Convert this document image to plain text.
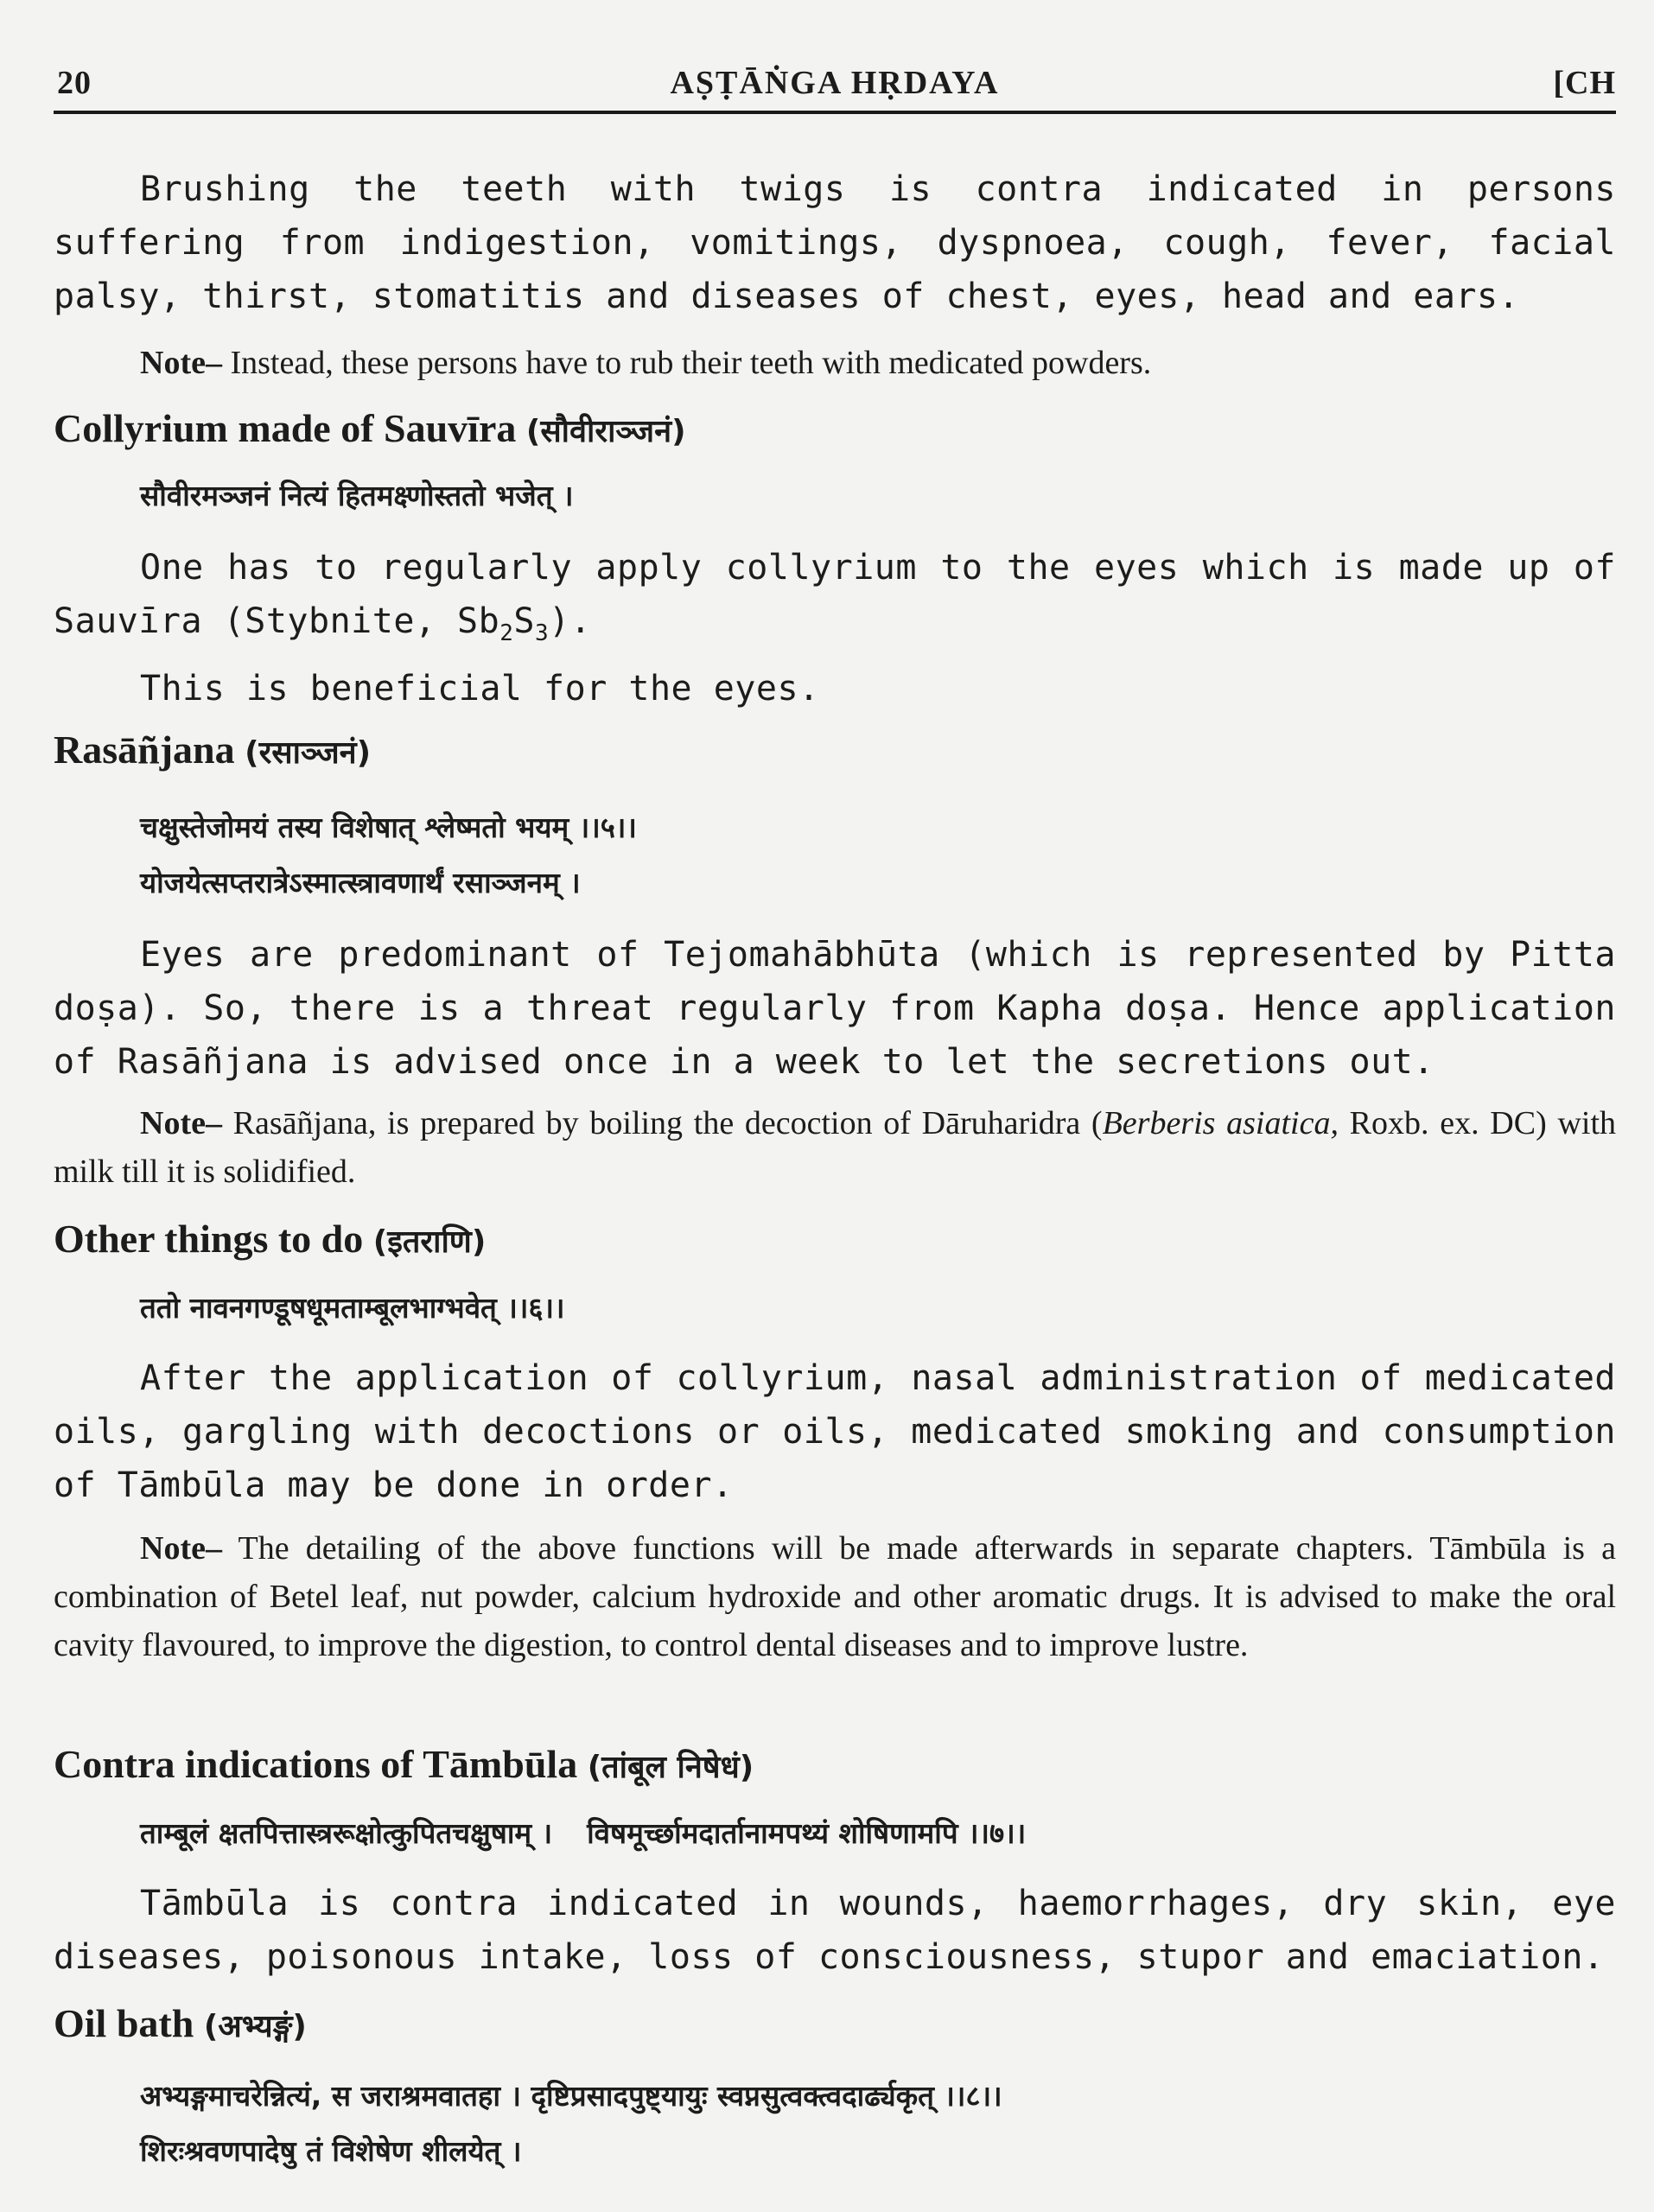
20	AṢṬĀṄGA HṚDAYA	[CH

Brushing the teeth with twigs is contra indicated in persons suffering from indigestion, vomitings, dyspnoea, cough, fever, facial palsy, thirst, stomatitis and diseases of chest, eyes, head and ears.

Note– Instead, these persons have to rub their teeth with medicated powders.

Collyrium made of Sauvīra (सौवीराञ्जनं)
सौवीरमञ्जनं नित्यं हितमक्ष्णोस्ततो भजेत् ।

One has to regularly apply collyrium to the eyes which is made up of Sauvīra (Stybnite, $Sb_2S_3$).

This is beneficial for the eyes.

Rasāñjana (रसाञ्जनं)
चक्षुस्तेजोमयं तस्य विशेषात् श्लेष्मतो भयम् ।।५।।
योजयेत्सप्तरात्रेऽस्मात्स्त्रावणार्थं रसाञ्जनम् ।

Eyes are predominant of Tejomahābhūta (which is represented by Pitta doṣa). So, there is a threat regularly from Kapha doṣa. Hence application of Rasāñjana is advised once in a week to let the secretions out.

Note– Rasāñjana, is prepared by boiling the decoction of Dāruharidra (Berberis asiatica, Roxb. ex. DC) with milk till it is solidified.

Other things to do (इतराणि)
ततो नावनगण्डूषधूमताम्बूलभाग्भवेत् ।।६।।

After the application of collyrium, nasal administration of medicated oils, gargling with decoctions or oils, medicated smoking and consumption of Tāmbūla may be done in order.

Note– The detailing of the above functions will be made afterwards in separate chapters. Tāmbūla is a combination of Betel leaf, nut powder, calcium hydroxide and other aromatic drugs. It is advised to make the oral cavity flavoured, to improve the digestion, to control dental diseases and to improve lustre.

Contra indications of Tāmbūla (तांबूल निषेधं)
ताम्बूलं क्षतपित्तास्त्ररूक्षोत्कुपितचक्षुषाम् । विषमूर्च्छामदार्तानामपथ्यं शोषिणामपि ।।७।।

Tāmbūla is contra indicated in wounds, haemorrhages, dry skin, eye diseases, poisonous intake, loss of consciousness, stupor and emaciation.

Oil bath (अभ्यङ्गं)
अभ्यङ्गमाचरेन्नित्यं, स जराश्रमवातहा । दृष्टिप्रसादपुष्ट्यायुः स्वप्नसुत्वक्त्वदार्ढ्यकृत् ।।८।।
शिरःश्रवणपादेषु तं विशेषेण शीलयेत् ।
